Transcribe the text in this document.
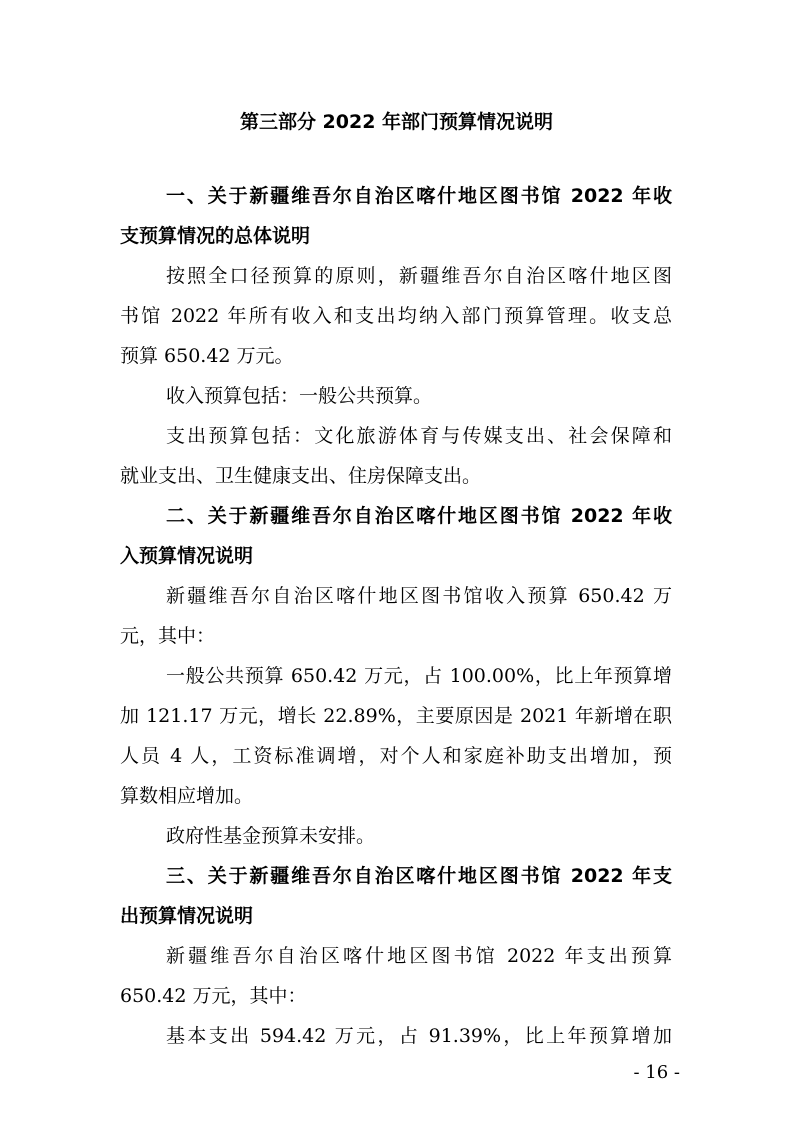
第三部分 2022 年部门预算情况说明

一、关于新疆维吾尔自治区喀什地区图书馆 2022 年收

支预算情况的总体说明

按照全口径预算的原则，新疆维吾尔自治区喀什地区图

书馆 2022 年所有收入和支出均纳入部门预算管理。收支总

预算 650.42 万元。

收入预算包括：一般公共预算。

支出预算包括：文化旅游体育与传媒支出、社会保障和

就业支出、卫生健康支出、住房保障支出。

二、关于新疆维吾尔自治区喀什地区图书馆 2022 年收

入预算情况说明

新疆维吾尔自治区喀什地区图书馆收入预算 650.42 万

元，其中：

一般公共预算 650.42 万元，占 100.00%，比上年预算增

加 121.17 万元，增长 22.89%，主要原因是 2021 年新增在职

人员 4 人，工资标准调增，对个人和家庭补助支出增加，预

算数相应增加。

政府性基金预算未安排。

三、关于新疆维吾尔自治区喀什地区图书馆 2022 年支

出预算情况说明

新疆维吾尔自治区喀什地区图书馆 2022 年支出预算

650.42 万元，其中：

基本支出 594.42 万元，占 91.39%，比上年预算增加

- 16 -
